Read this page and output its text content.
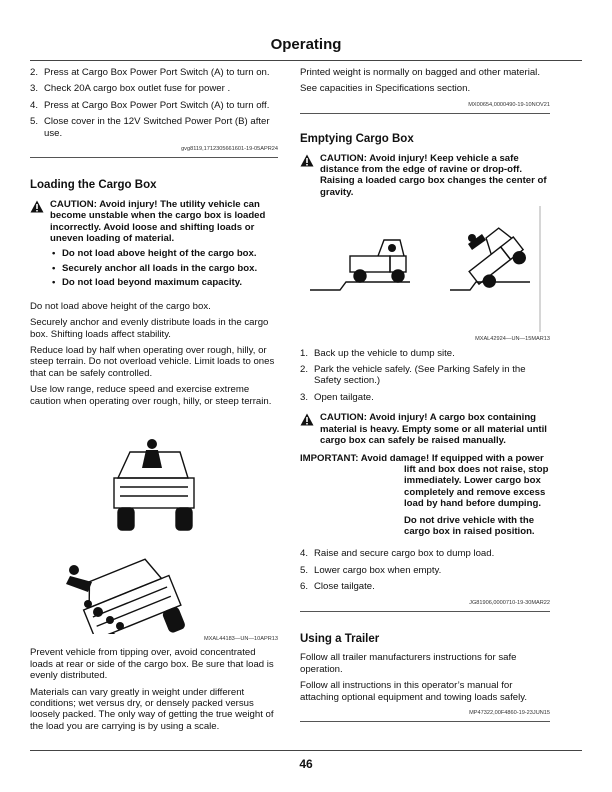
Operating
2. Press at Cargo Box Power Port Switch (A) to turn on.
3. Check 20A cargo box outlet fuse for power .
4. Press at Cargo Box Power Port Switch (A) to turn off.
5. Close cover in the 12V Switched Power Port (B) after use.
gvg8119,1712305661601-19-05APR24
Loading the Cargo Box
CAUTION: Avoid injury! The utility vehicle can become unstable when the cargo box is loaded incorrectly. Avoid loose and shifting loads or uneven loading of material.
• Do not load above height of the cargo box.
• Securely anchor all loads in the cargo box.
• Do not load beyond maximum capacity.

Do not load above height of the cargo box.

Securely anchor and evenly distribute loads in the cargo box. Shifting loads affect stability.

Reduce load by half when operating over rough, hilly, or steep terrain. Do not overload vehicle. Limit loads to ones that can be safely controlled.

Use low range, reduce speed and exercise extreme caution when operating over rough, hilly, or steep terrain.

MXAL44183—UN—10APR13

Prevent vehicle from tipping over, avoid concentrated loads at rear or side of the cargo box. Be sure that load is evenly distributed.

Materials can vary greatly in weight under different conditions; wet versus dry, or densely packed versus loosely packed. The only way of getting the true weight of the load you are carrying is by using a scale.

Printed weight is normally on bagged and other material.

See capacities in Specifications section.

MX00654,0000490-19-10NOV21
Emptying Cargo Box
CAUTION: Avoid injury! Keep vehicle a safe distance from the edge of ravine or drop-off. Raising a loaded cargo box changes the center of gravity.
MXAL42924—UN—15MAR13
1. Back up the vehicle to dump site.
2. Park the vehicle safely. (See Parking Safely in the Safety section.)
3. Open tailgate.
CAUTION: Avoid injury! A cargo box containing material is heavy. Empty some or all material until cargo box can safely be raised manually.
IMPORTANT: Avoid damage! If equipped with a power lift and box does not raise, stop immediately. Lower cargo box completely and remove excess load by hand before dumping.
Do not drive vehicle with the cargo box in raised position.
4. Raise and secure cargo box to dump load.
5. Lower cargo box when empty.
6. Close tailgate.
JG81906,0000710-19-30MAR22
Using a Trailer

Follow all trailer manufacturers instructions for safe operation.

Follow all instructions in this operator’s manual for attaching optional equipment and towing loads safely.

MP47322,00F4860-19-23JUN15
46
